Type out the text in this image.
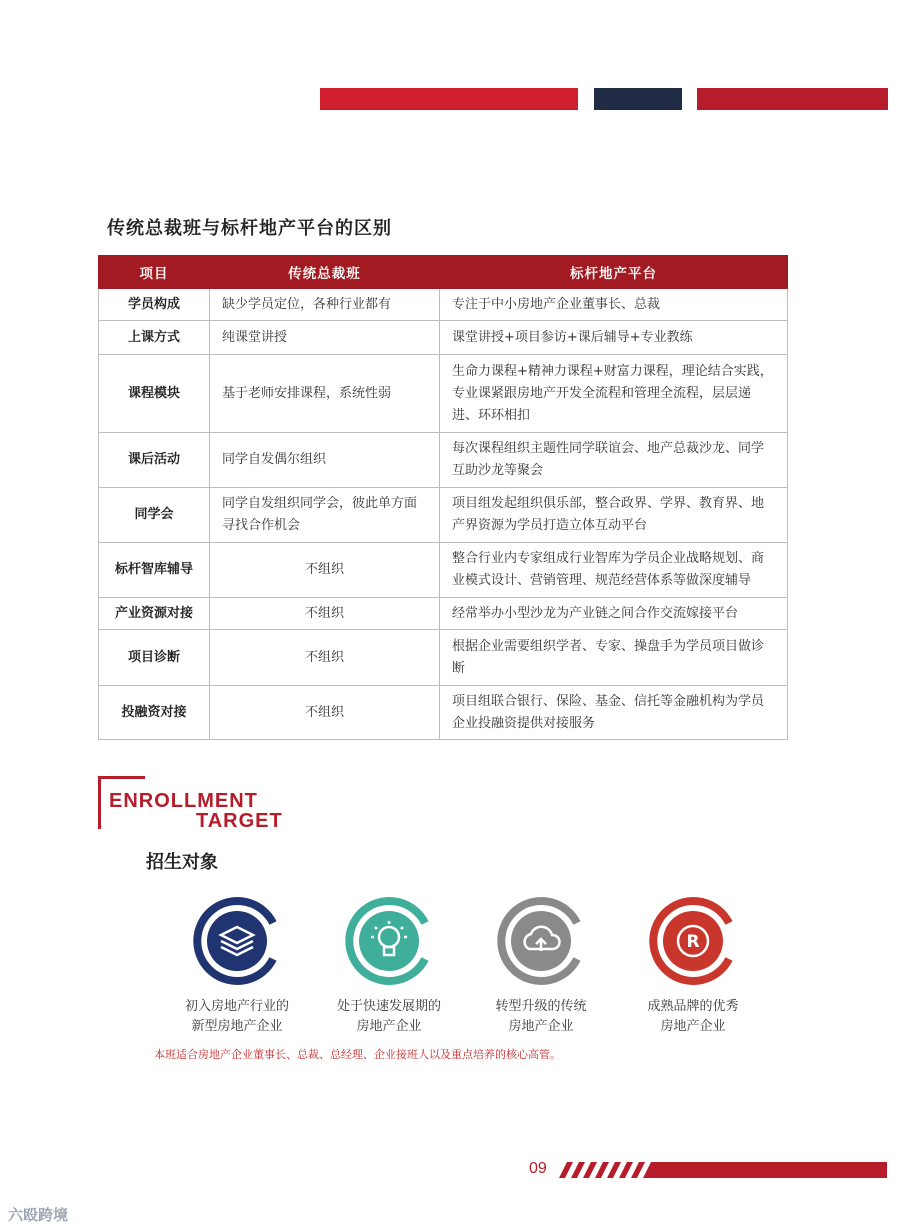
传统总裁班与标杆地产平台的区别
项目	传统总裁班	标杆地产平台
学员构成	缺少学员定位，各种行业都有	专注于中小房地产企业董事长、总裁
上课方式	纯课堂讲授	课堂讲授+项目参访+课后辅导+专业教练
课程模块	基于老师安排课程，系统性弱	生命力课程+精神力课程+财富力课程，理论结合实践，专业课紧跟房地产开发全流程和管理全流程，层层递进、环环相扣
课后活动	同学自发偶尔组织	每次课程组织主题性同学联谊会、地产总裁沙龙、同学互助沙龙等聚会
同学会	同学自发组织同学会，彼此单方面寻找合作机会	项目组发起组织俱乐部，整合政界、学界、教育界、地产界资源为学员打造立体互动平台
标杆智库辅导	不组织	整合行业内专家组成行业智库为学员企业战略规划、商业模式设计、营销管理、规范经营体系等做深度辅导
产业资源对接	不组织	经常举办小型沙龙为产业链之间合作交流嫁接平台
项目诊断	不组织	根据企业需要组织学者、专家、操盘手为学员项目做诊断
投融资对接	不组织	项目组联合银行、保险、基金、信托等金融机构为学员企业投融资提供对接服务
ENROLLMENT
TARGET
招生对象
初入房地产行业的
新型房地产企业
处于快速发展期的
房地产企业
转型升级的传统
房地产企业
R
成熟品牌的优秀
房地产企业
本班适合房地产企业董事长、总裁、总经理、企业接班人以及重点培养的核心高管。
09
六殴跨境
